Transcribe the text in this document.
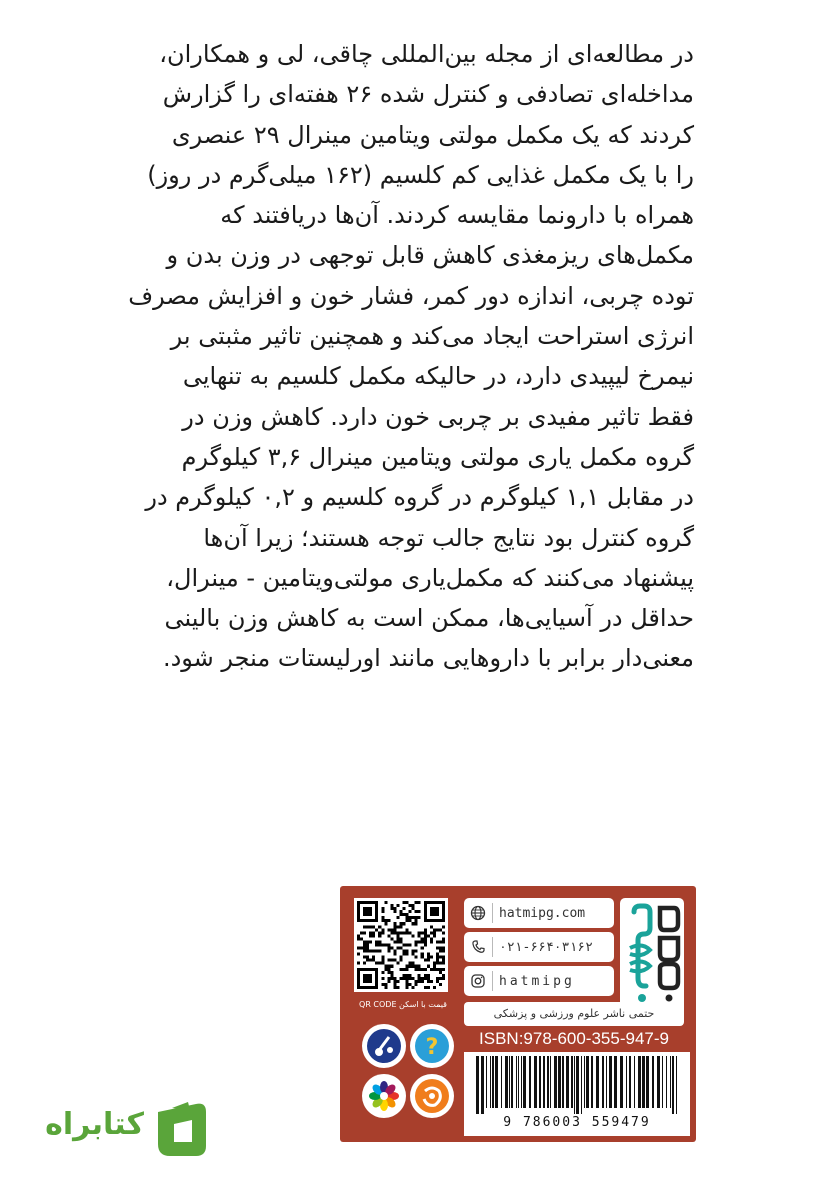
در مطالعه‌ای از مجله بین‌المللی چاقی، لی و همکاران،
مداخله‌ای تصادفی و کنترل شده ۲۶ هفته‌ای را گزارش
کردند که یک مکمل مولتی ویتامین مینرال ۲۹ عنصری
را با یک مکمل غذایی کم کلسیم (۱۶۲ میلی‌گرم در روز)
همراه با دارونما مقایسه کردند. آن‌ها دریافتند که
مکمل‌های ریزمغذی کاهش قابل توجهی در وزن بدن و
توده چربی، اندازه دور کمر، فشار خون و افزایش مصرف
انرژی استراحت ایجاد می‌کند و همچنین تاثیر مثبتی بر
نیمرخ لیپیدی دارد، در حالیکه مکمل کلسیم به تنهایی
فقط تاثیر مفیدی بر چربی خون دارد. کاهش وزن در
گروه مکمل یاری مولتی ویتامین مینرال ۳,۶ کیلوگرم
در مقابل ۱,۱ کیلوگرم در گروه کلسیم و ۰,۲ کیلوگرم در
گروه کنترل بود نتایج جالب توجه هستند؛ زیرا آن‌ها
پیشنهاد می‌کنند که مکمل‌یاری مولتی‌ویتامین - مینرال،
حداقل در آسیایی‌ها، ممکن است به کاهش وزن بالینی
معنی‌دار برابر با داروهایی مانند اورلیستات منجر شود.
قیمت با اسکن QR CODE
hatmipg.com
۰۲۱-۶۶۴۰۳۱۶۲
hatmipg
حتمی ناشر علوم ورزشی و پزشکی
ISBN:978-600-355-947-9
9 786003 559479
?
کتابراه
